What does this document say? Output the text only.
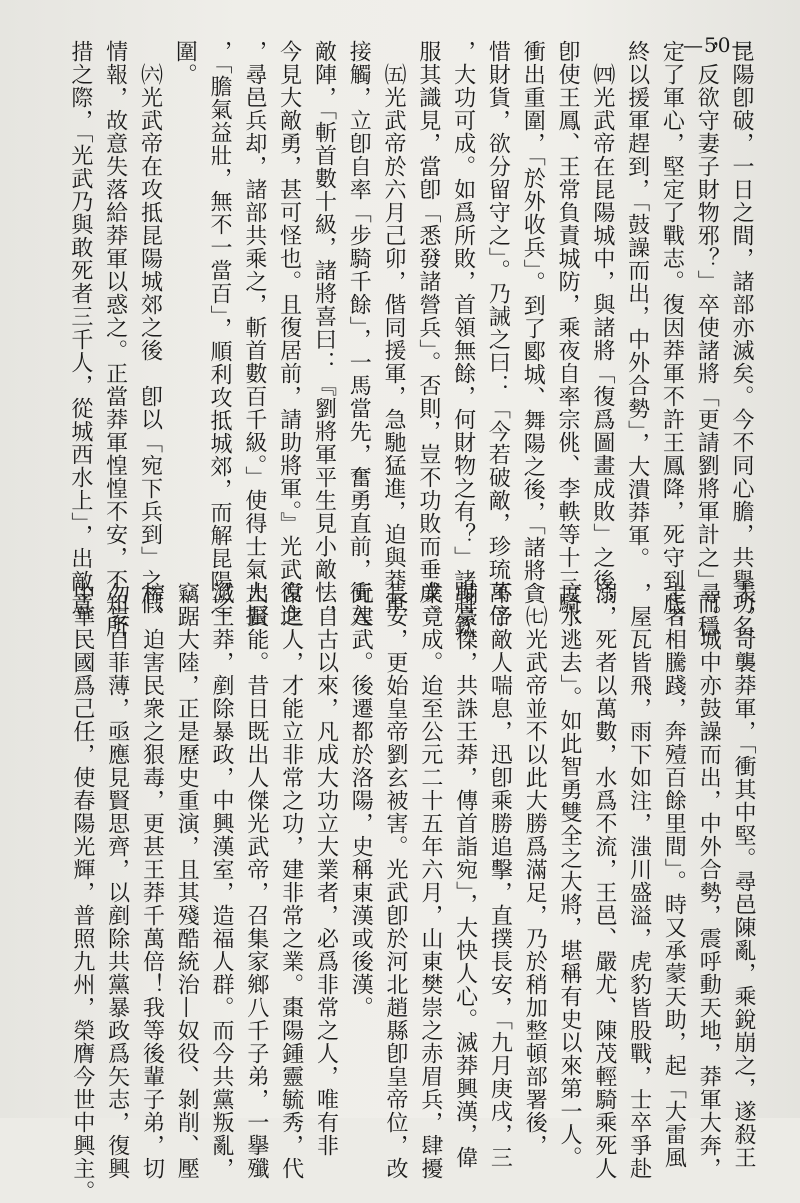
—50—
昆陽卽破，一日之間，諸部亦滅矣。今不同心膽，共擧功名
，反欲守妻子財物邪？」卒使諸將「更請劉將軍計之」而穩
定了軍心，堅定了戰志。復因莽軍不許王鳳降，死守到底，
終以援軍趕到，「鼓譟而出，中外合勢」，大潰莽軍。
　㈣光武帝在昆陽城中，與諸將「復爲圖畫成敗」之後，
卽使王鳳、王常負責城防，乘夜自率宗佻、李軼等十三騎，
衝出重圍，「於外收兵」。到了郾城、舞陽之後，「諸將貪
惜財貨，欲分留守之」。乃誡之曰：「今若破敵，珍琉萬倍
，大功可成。如爲所敗，首領無餘，何財物之有？」諸將欽
服其識見，當卽「悉發諸營兵」。否則，豈不功敗而垂成。
　㈤光武帝於六月己卯，偕同援軍，急馳猛進，迫與莽軍
接觸，立卽自率「步騎千餘」，一馬當先，奮勇直前，衝入
敵陣，「斬首數十級，諸將喜曰：『劉將軍平生見小敵怯，
今見大敵勇，甚可怪也。且復居前，請助將軍。』光武復進
，尋邑兵却，諸部共乘之，斬首數百千級。」使得士氣大振
，「膽氣益壯，無不一當百」，順利攻抵城郊，而解昆陽之
圍。
　㈥光武帝在攻抵昆陽城郊之後　卽以「宛下兵到」之假
情報，故意失落給莽軍以惑之。正當莽軍惶惶不安，不知所
措之際，「光武乃與敢死者三千人，從城西水上」，出敵意
表，奇襲莽軍，「衝其中堅。尋邑陳亂，乘銳崩之，遂殺王
尋。城中亦鼓譟而出，中外合勢，震呼動天地，莽軍大奔，
走者相騰踐，奔殪百餘里間」。時又承蒙天助，起「大雷風
，屋瓦皆飛，雨下如注，滍川盛溢，虎豹皆股戰，士卒爭赴
溺，死者以萬數，水爲不流，王邑、嚴尤、陳茂輕騎乘死人
度水逃去」。如此智勇雙全之大將，堪稱有史以來第一人。
　㈦光武帝並不以此大勝爲滿足，乃於稍加整頓部署後，
不予敵人喘息，迅卽乘勝追擊，直撲長安，「九月庚戌，三
輔豪傑，共誅王莽，傳首詣宛」，大快人心。滅莽興漢，偉
業竟成。迨至公元二十五年六月，山東樊崇之赤眉兵，肆擾
長安，更始皇帝劉玄被害。光武卽於河北趙縣卽皇帝位，改
元建武。後遷都於洛陽，史稱東漢或後漢。
　自古以來，凡成大功立大業者，必爲非常之人，唯有非
常之人，才能立非常之功，建非常之業。棗陽鍾靈毓秀，代
出賢能。昔日既出人傑光武帝，召集家鄉八千子弟，一擧殲
滅王莽，剷除暴政，中興漢室，造福人群。而今共黨叛亂，
竊踞大陸，正是歷史重演，且其殘酷統治—奴役、剝削、壓
榨、迫害民衆之狠毒，更甚王莽千萬倍！我等後輩子弟，切
勿妄自菲薄，亟應見賢思齊，以剷除共黨暴政爲矢志，復興
中華民國爲己任，使春陽光輝，普照九州，榮膺今世中興主。
